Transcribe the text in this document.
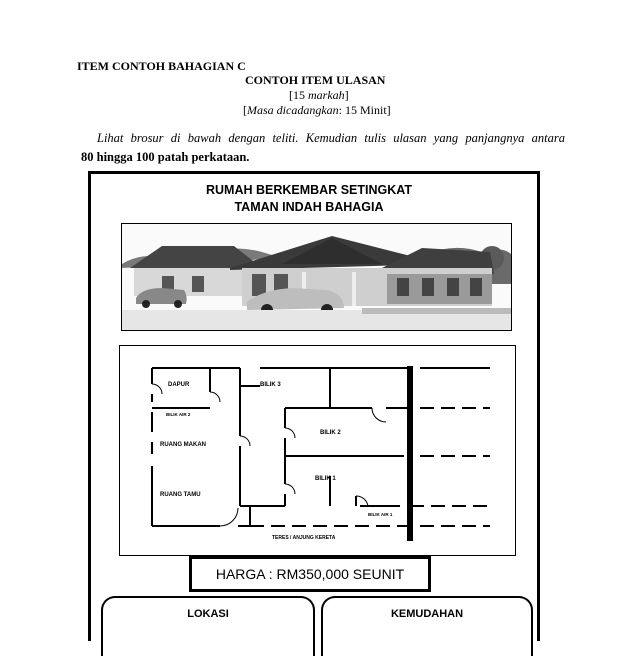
ITEM CONTOH BAHAGIAN C
CONTOH ITEM ULASAN
[15 markah]
[Masa dicadangkan: 15 Minit]
Lihat brosur di bawah dengan teliti. Kemudian tulis ulasan yang panjangnya antara
80 hingga 100 patah perkataan.
RUMAH BERKEMBAR SETINGKAT
TAMAN INDAH BAHAGIA
DAPUR	BILIK 3
BILIK AIR 2
BILIK 2
RUANG MAKAN
BILIK 1
RUANG TAMU
BILIK AIR 1
TERES / ANJUNG KERETA
HARGA : RM350,000 SEUNIT
LOKASI	KEMUDAHAN
